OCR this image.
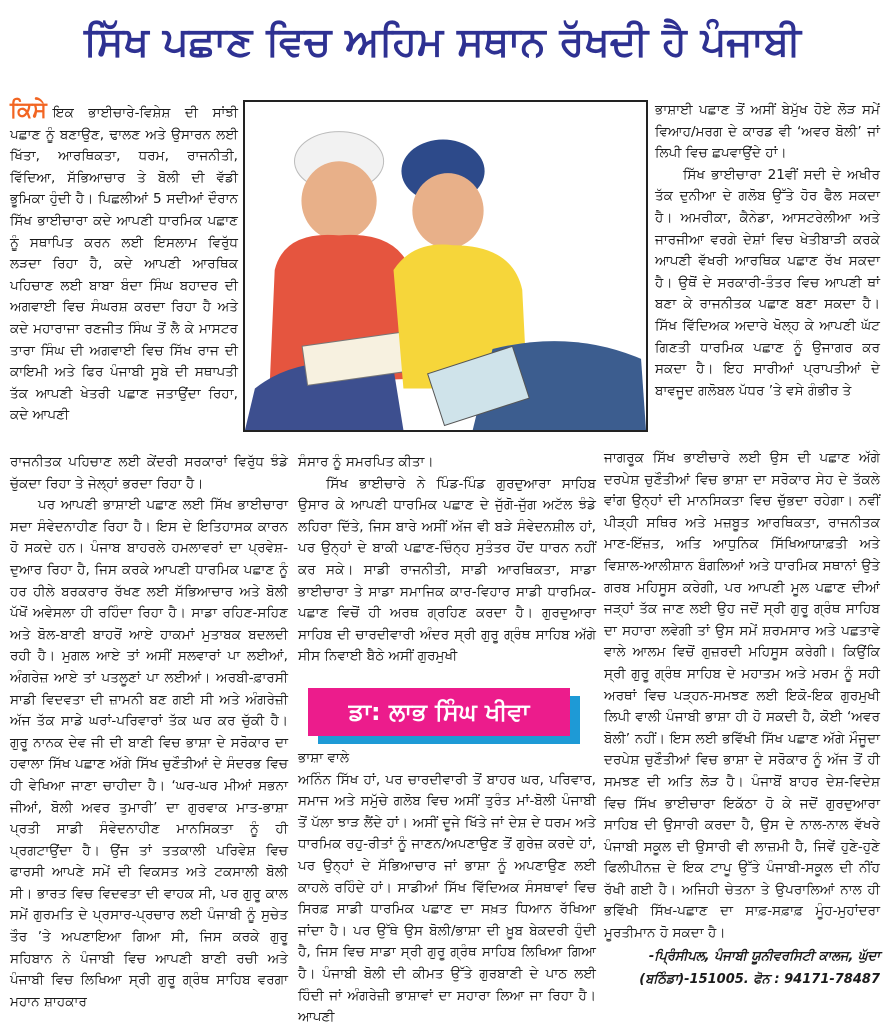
ਸਿੱਖ ਪਛਾਣ ਵਿਚ ਅਹਿਮ ਸਥਾਨ ਰੱਖਦੀ ਹੈ ਪੰਜਾਬੀ

ਕਿਸੇ ਇਕ ਭਾਈਚਾਰੇ-ਵਿਸ਼ੇਸ਼ ਦੀ ਸਾਂਝੀ ਪਛਾਣ ਨੂੰ ਬਣਾਉਣ, ਢਾਲਣ ਅਤੇ ਉਸਾਰਨ ਲਈ ਖਿੱਤਾ, ਆਰਥਿਕਤਾ, ਧਰਮ, ਰਾਜਨੀਤੀ, ਵਿੱਦਿਆ, ਸੱਭਿਆਚਾਰ ਤੇ ਬੋਲੀ ਦੀ ਵੱਡੀ ਭੂਮਿਕਾ ਹੁੰਦੀ ਹੈ। ਪਿਛਲੀਆਂ 5 ਸਦੀਆਂ ਦੌਰਾਨ ਸਿੱਖ ਭਾਈਚਾਰਾ ਕਦੇ ਆਪਣੀ ਧਾਰਮਿਕ ਪਛਾਣ ਨੂੰ ਸਥਾਪਿਤ ਕਰਨ ਲਈ ਇਸਲਾਮ ਵਿਰੁੱਧ ਲੜਦਾ ਰਿਹਾ ਹੈ, ਕਦੇ ਆਪਣੀ ਆਰਥਿਕ ਪਹਿਚਾਣ ਲਈ ਬਾਬਾ ਬੰਦਾ ਸਿੰਘ ਬਹਾਦਰ ਦੀ ਅਗਵਾਈ ਵਿਚ ਸੰਘਰਸ਼ ਕਰਦਾ ਰਿਹਾ ਹੈ ਅਤੇ ਕਦੇ ਮਹਾਰਾਜਾ ਰਣਜੀਤ ਸਿੰਘ ਤੋਂ ਲੈ ਕੇ ਮਾਸਟਰ ਤਾਰਾ ਸਿੰਘ ਦੀ ਅਗਵਾਈ ਵਿਚ ਸਿੱਖ ਰਾਜ ਦੀ ਕਾਇਮੀ ਅਤੇ ਫਿਰ ਪੰਜਾਬੀ ਸੂਬੇ ਦੀ ਸਥਾਪਤੀ ਤੱਕ ਆਪਣੀ ਖੇਤਰੀ ਪਛਾਣ ਜਤਾਉਂਦਾ ਰਿਹਾ, ਕਦੇ ਆਪਣੀ

ਰਾਜਨੀਤਕ ਪਹਿਚਾਣ ਲਈ ਕੇਂਦਰੀ ਸਰਕਾਰਾਂ ਵਿਰੁੱਧ ਝੰਡੇ ਚੁੱਕਦਾ ਰਿਹਾ ਤੇ ਜੇਲ੍ਹਾਂ ਭਰਦਾ ਰਿਹਾ ਹੈ।

ਪਰ ਆਪਣੀ ਭਾਸ਼ਾਈ ਪਛਾਣ ਲਈ ਸਿੱਖ ਭਾਈਚਾਰਾ ਸਦਾ ਸੰਵੇਦਨਾਹੀਣ ਰਿਹਾ ਹੈ। ਇਸ ਦੇ ਇਤਿਹਾਸਕ ਕਾਰਨ ਹੋ ਸਕਦੇ ਹਨ। ਪੰਜਾਬ ਬਾਹਰਲੇ ਹਮਲਾਵਰਾਂ ਦਾ ਪ੍ਰਵੇਸ਼-ਦੁਆਰ ਰਿਹਾ ਹੈ, ਜਿਸ ਕਰਕੇ ਆਪਣੀ ਧਾਰਮਿਕ ਪਛਾਣ ਨੂੰ ਹਰ ਹੀਲੇ ਬਰਕਰਾਰ ਰੱਖਣ ਲਈ ਸੱਭਿਆਚਾਰ ਅਤੇ ਬੋਲੀ ਪੱਖੋਂ ਅਵੇਸਲਾ ਹੀ ਰਹਿੰਦਾ ਰਿਹਾ ਹੈ। ਸਾਡਾ ਰਹਿਣ-ਸਹਿਣ ਅਤੇ ਬੋਲ-ਬਾਣੀ ਬਾਹਰੋਂ ਆਏ ਹਾਕਮਾਂ ਮੁਤਾਬਕ ਬਦਲਦੀ ਰਹੀ ਹੈ। ਮੁਗਲ ਆਏ ਤਾਂ ਅਸੀਂ ਸਲਵਾਰਾਂ ਪਾ ਲਈਆਂ, ਅੰਗਰੇਜ਼ ਆਏ ਤਾਂ ਪਤਲੂਣਾਂ ਪਾ ਲਈਆਂ। ਅਰਬੀ-ਫ਼ਾਰਸੀ ਸਾਡੀ ਵਿਦਵਤਾ ਦੀ ਜ਼ਾਮਨੀ ਬਣ ਗਈ ਸੀ ਅਤੇ ਅੰਗਰੇਜ਼ੀ ਅੱਜ ਤੱਕ ਸਾਡੇ ਘਰਾਂ-ਪਰਿਵਾਰਾਂ ਤੱਕ ਘਰ ਕਰ ਚੁੱਕੀ ਹੈ। ਗੁਰੂ ਨਾਨਕ ਦੇਵ ਜੀ ਦੀ ਬਾਣੀ ਵਿਚ ਭਾਸ਼ਾ ਦੇ ਸਰੋਕਾਰ ਦਾ ਹਵਾਲਾ ਸਿੱਖ ਪਛਾਣ ਅੱਗੇ ਸਿੱਖ ਚੁਣੌਤੀਆਂ ਦੇ ਸੰਦਰਭ ਵਿਚ ਹੀ ਵੇਖਿਆ ਜਾਣਾ ਚਾਹੀਦਾ ਹੈ। ‘ਘਰ-ਘਰ ਮੀਆਂ ਸਭਨਾ ਜੀਆਂ, ਬੋਲੀ ਅਵਰ ਤੁਮਾਰੀ’ ਦਾ ਗੁਰਵਾਕ ਮਾਤ-ਭਾਸ਼ਾ ਪ੍ਰਤੀ ਸਾਡੀ ਸੰਵੇਦਨਾਹੀਣ ਮਾਨਸਿਕਤਾ ਨੂੰ ਹੀ ਪ੍ਰਗਟਾਉਂਦਾ ਹੈ। ਉਂਜ ਤਾਂ ਤਤਕਾਲੀ ਪਰਿਵੇਸ਼ ਵਿਚ ਫਾਰਸੀ ਆਪਣੇ ਸਮੇਂ ਦੀ ਵਿਕਸਤ ਅਤੇ ਟਕਸਾਲੀ ਬੋਲੀ ਸੀ। ਭਾਰਤ ਵਿਚ ਵਿਦਵਤਾ ਦੀ ਵਾਹਕ ਸੀ, ਪਰ ਗੁਰੂ ਕਾਲ ਸਮੇਂ ਗੁਰਮਤਿ ਦੇ ਪ੍ਰਸਾਰ-ਪ੍ਰਚਾਰ ਲਈ ਪੰਜਾਬੀ ਨੂੰ ਸੁਚੇਤ ਤੌਰ ’ਤੇ ਅਪਣਾਇਆ ਗਿਆ ਸੀ, ਜਿਸ ਕਰਕੇ ਗੁਰੂ ਸਹਿਬਾਨ ਨੇ ਪੰਜਾਬੀ ਵਿਚ ਆਪਣੀ ਬਾਣੀ ਰਚੀ ਅਤੇ ਪੰਜਾਬੀ ਵਿਚ ਲਿਖਿਆ ਸ੍ਰੀ ਗੁਰੂ ਗ੍ਰੰਥ ਸਾਹਿਬ ਵਰਗਾ ਮਹਾਨ ਸ਼ਾਹਕਾਰ

ਸੰਸਾਰ ਨੂੰ ਸਮਰਪਿਤ ਕੀਤਾ।

ਸਿੱਖ ਭਾਈਚਾਰੇ ਨੇ ਪਿੰਡ-ਪਿੰਡ ਗੁਰਦੁਆਰਾ ਸਾਹਿਬ ਉਸਾਰ ਕੇ ਆਪਣੀ ਧਾਰਮਿਕ ਪਛਾਣ ਦੇ ਜੁੱਗੋ-ਜੁੱਗ ਅਟੱਲ ਝੰਡੇ ਲਹਿਰਾ ਦਿੱਤੇ, ਜਿਸ ਬਾਰੇ ਅਸੀਂ ਅੱਜ ਵੀ ਬੜੇ ਸੰਵੇਦਨਸ਼ੀਲ ਹਾਂ, ਪਰ ਉਨ੍ਹਾਂ ਦੇ ਬਾਕੀ ਪਛਾਣ-ਚਿੰਨ੍ਹ ਸੁਤੰਤਰ ਹੋਂਦ ਧਾਰਨ ਨਹੀਂ ਕਰ ਸਕੇ। ਸਾਡੀ ਰਾਜਨੀਤੀ, ਸਾਡੀ ਆਰਥਿਕਤਾ, ਸਾਡਾ ਭਾਈਚਾਰਾ ਤੇ ਸਾਡਾ ਸਮਾਜਿਕ ਕਾਰ-ਵਿਹਾਰ ਸਾਡੀ ਧਾਰਮਿਕ-ਪਛਾਣ ਵਿਚੋਂ ਹੀ ਅਰਥ ਗ੍ਰਹਿਣ ਕਰਦਾ ਹੈ। ਗੁਰਦੁਆਰਾ ਸਾਹਿਬ ਦੀ ਚਾਰਦੀਵਾਰੀ ਅੰਦਰ ਸ੍ਰੀ ਗੁਰੂ ਗ੍ਰੰਥ ਸਾਹਿਬ ਅੱਗੇ ਸੀਸ ਨਿਵਾਈ ਬੈਠੇ ਅਸੀਂ ਗੁਰਮੁਖੀ

ਡਾ: ਲਾਭ ਸਿੰਘ ਖੀਵਾ

ਭਾਸ਼ਾ ਵਾਲੇ

ਅਨਿੰਨ ਸਿੱਖ ਹਾਂ, ਪਰ ਚਾਰਦੀਵਾਰੀ ਤੋਂ ਬਾਹਰ ਘਰ, ਪਰਿਵਾਰ, ਸਮਾਜ ਅਤੇ ਸਮੁੱਚੇ ਗਲੋਬ ਵਿਚ ਅਸੀਂ ਤੁਰੰਤ ਮਾਂ-ਬੋਲੀ ਪੰਜਾਬੀ ਤੋਂ ਪੱਲਾ ਝਾੜ ਲੈਂਦੇ ਹਾਂ। ਅਸੀਂ ਦੂਜੇ ਖਿੱਤੇ ਜਾਂ ਦੇਸ਼ ਦੇ ਧਰਮ ਅਤੇ ਧਾਰਮਿਕ ਰਹੁ-ਰੀਤਾਂ ਨੂੰ ਜਾਣਨ/ਅਪਣਾਉਣ ਤੋਂ ਗੁਰੇਜ਼ ਕਰਦੇ ਹਾਂ, ਪਰ ਉਨ੍ਹਾਂ ਦੇ ਸੱਭਿਆਚਾਰ ਜਾਂ ਭਾਸ਼ਾ ਨੂੰ ਅਪਣਾਉਣ ਲਈ ਕਾਹਲੇ ਰਹਿੰਦੇ ਹਾਂ। ਸਾਡੀਆਂ ਸਿੱਖ ਵਿੱਦਿਅਕ ਸੰਸਥਾਵਾਂ ਵਿਚ ਸਿਰਫ਼ ਸਾਡੀ ਧਾਰਮਿਕ ਪਛਾਣ ਦਾ ਸਖ਼ਤ ਧਿਆਨ ਰੱਖਿਆ ਜਾਂਦਾ ਹੈ। ਪਰ ਉੱਥੇ ਉਸ ਬੋਲੀ/ਭਾਸ਼ਾ ਦੀ ਖ਼ੂਬ ਬੇਕਦਰੀ ਹੁੰਦੀ ਹੈ, ਜਿਸ ਵਿਚ ਸਾਡਾ ਸ੍ਰੀ ਗੁਰੂ ਗ੍ਰੰਥ ਸਾਹਿਬ ਲਿਖਿਆ ਗਿਆ ਹੈ। ਪੰਜਾਬੀ ਬੋਲੀ ਦੀ ਕੀਮਤ ਉੱਤੇ ਗੁਰਬਾਣੀ ਦੇ ਪਾਠ ਲਈ ਹਿੰਦੀ ਜਾਂ ਅੰਗਰੇਜ਼ੀ ਭਾਸ਼ਾਵਾਂ ਦਾ ਸਹਾਰਾ ਲਿਆ ਜਾ ਰਿਹਾ ਹੈ। ਆਪਣੀ

ਭਾਸ਼ਾਈ ਪਛਾਣ ਤੋਂ ਅਸੀਂ ਬੇਮੁੱਖ ਹੋਏ ਲੋੜ ਸਮੇਂ ਵਿਆਹ/ਮਰਗ ਦੇ ਕਾਰਡ ਵੀ ‘ਅਵਰ ਬੋਲੀ’ ਜਾਂ ਲਿਪੀ ਵਿਚ ਛਪਵਾਉਂਦੇ ਹਾਂ।

ਸਿੱਖ ਭਾਈਚਾਰਾ 21ਵੀਂ ਸਦੀ ਦੇ ਅਖੀਰ ਤੱਕ ਦੁਨੀਆ ਦੇ ਗਲੋਬ ਉੱਤੇ ਹੋਰ ਫੈਲ ਸਕਦਾ ਹੈ। ਅਮਰੀਕਾ, ਕੈਨੇਡਾ, ਆਸਟਰੇਲੀਆ ਅਤੇ ਜਾਰਜੀਆ ਵਰਗੇ ਦੇਸ਼ਾਂ ਵਿਚ ਖੇਤੀਬਾੜੀ ਕਰਕੇ ਆਪਣੀ ਵੱਖਰੀ ਆਰਥਿਕ ਪਛਾਣ ਰੱਖ ਸਕਦਾ ਹੈ। ਉਥੋਂ ਦੇ ਸਰਕਾਰੀ-ਤੰਤਰ ਵਿਚ ਆਪਣੀ ਥਾਂ ਬਣਾ ਕੇ ਰਾਜਨੀਤਕ ਪਛਾਣ ਬਣਾ ਸਕਦਾ ਹੈ। ਸਿੱਖ ਵਿੱਦਿਅਕ ਅਦਾਰੇ ਖੋਲ੍ਹ ਕੇ ਆਪਣੀ ਘੱਟ ਗਿਣਤੀ ਧਾਰਮਿਕ ਪਛਾਣ ਨੂੰ ਉਜਾਗਰ ਕਰ ਸਕਦਾ ਹੈ। ਇਹ ਸਾਰੀਆਂ ਪ੍ਰਾਪਤੀਆਂ ਦੇ ਬਾਵਜੂਦ ਗਲੋਬਲ ਪੱਧਰ ’ਤੇ ਵਸੇ ਗੰਭੀਰ ਤੇ

ਜਾਗਰੂਕ ਸਿੱਖ ਭਾਈਚਾਰੇ ਲਈ ਉਸ ਦੀ ਪਛਾਣ ਅੱਗੇ ਦਰਪੇਸ਼ ਚੁਣੌਤੀਆਂ ਵਿਚ ਭਾਸ਼ਾ ਦਾ ਸਰੋਕਾਰ ਸੇਹ ਦੇ ਤੱਕਲੇ ਵਾਂਗ ਉਨ੍ਹਾਂ ਦੀ ਮਾਨਸਿਕਤਾ ਵਿਚ ਚੁੱਭਦਾ ਰਹੇਗਾ। ਨਵੀਂ ਪੀੜ੍ਹੀ ਸਥਿਰ ਅਤੇ ਮਜ਼ਬੂਤ ਆਰਥਿਕਤਾ, ਰਾਜਨੀਤਕ ਮਾਣ-ਇੱਜ਼ਤ, ਅਤਿ ਆਧੁਨਿਕ ਸਿੱਖਿਆਯਾਫ਼ਤੀ ਅਤੇ ਵਿਸ਼ਾਲ-ਆਲੀਸ਼ਾਨ ਬੰਗਲਿਆਂ ਅਤੇ ਧਾਰਮਿਕ ਸਥਾਨਾਂ ਉਤੇ ਗਰਬ ਮਹਿਸੂਸ ਕਰੇਗੀ, ਪਰ ਆਪਣੀ ਮੂਲ ਪਛਾਣ ਦੀਆਂ ਜੜ੍ਹਾਂ ਤੱਕ ਜਾਣ ਲਈ ਉਹ ਜਦੋਂ ਸ੍ਰੀ ਗੁਰੂ ਗ੍ਰੰਥ ਸਾਹਿਬ ਦਾ ਸਹਾਰਾ ਲਵੇਗੀ ਤਾਂ ਉਸ ਸਮੇਂ ਸ਼ਰਮਸਾਰ ਅਤੇ ਪਛਤਾਵੇ ਵਾਲੇ ਆਲਮ ਵਿਚੋਂ ਗੁਜ਼ਰਦੀ ਮਹਿਸੂਸ ਕਰੇਗੀ। ਕਿਉਂਕਿ ਸ੍ਰੀ ਗੁਰੂ ਗ੍ਰੰਥ ਸਾਹਿਬ ਦੇ ਮਹਾਤਮ ਅਤੇ ਮਰਮ ਨੂੰ ਸਹੀ ਅਰਥਾਂ ਵਿਚ ਪੜ੍ਹਨ-ਸਮਝਣ ਲਈ ਇਕੋ-ਇਕ ਗੁਰਮੁਖੀ ਲਿਪੀ ਵਾਲੀ ਪੰਜਾਬੀ ਭਾਸ਼ਾ ਹੀ ਹੋ ਸਕਦੀ ਹੈ, ਕੋਈ ‘ਅਵਰ ਬੋਲੀ’ ਨਹੀਂ। ਇਸ ਲਈ ਭਵਿੱਖੀ ਸਿੱਖ ਪਛਾਣ ਅੱਗੇ ਮੌਜੂਦਾ ਦਰਪੇਸ਼ ਚੁਣੌਤੀਆਂ ਵਿਚ ਭਾਸ਼ਾ ਦੇ ਸਰੋਕਾਰ ਨੂੰ ਅੱਜ ਤੋਂ ਹੀ ਸਮਝਣ ਦੀ ਅਤਿ ਲੋੜ ਹੈ। ਪੰਜਾਬੋਂ ਬਾਹਰ ਦੇਸ਼-ਵਿਦੇਸ਼ ਵਿਚ ਸਿੱਖ ਭਾਈਚਾਰਾ ਇਕੱਠਾ ਹੋ ਕੇ ਜਦੋਂ ਗੁਰਦੁਆਰਾ ਸਾਹਿਬ ਦੀ ਉਸਾਰੀ ਕਰਦਾ ਹੈ, ਉਸ ਦੇ ਨਾਲ-ਨਾਲ ਵੱਖਰੇ ਪੰਜਾਬੀ ਸਕੂਲ ਦੀ ਉਸਾਰੀ ਵੀ ਲਾਜ਼ਮੀ ਹੈ, ਜਿਵੇਂ ਹੁਣੇ-ਹੁਣੇ ਫਿਲੀਪੀਨਜ਼ ਦੇ ਇਕ ਟਾਪੂ ਉੱਤੇ ਪੰਜਾਬੀ-ਸਕੂਲ ਦੀ ਨੀਂਹ ਰੱਖੀ ਗਈ ਹੈ। ਅਜਿਹੀ ਚੇਤਨਾ ਤੇ ਉਪਰਾਲਿਆਂ ਨਾਲ ਹੀ ਭਵਿੱਖੀ ਸਿੱਖ-ਪਛਾਣ ਦਾ ਸਾਫ਼-ਸਫ਼ਾਫ਼ ਮੂੰਹ-ਮੁਹਾਂਦਰਾ ਮੂਰਤੀਮਾਨ ਹੋ ਸਕਦਾ ਹੈ।

-ਪ੍ਰਿੰਸੀਪਲ, ਪੰਜਾਬੀ ਯੂਨੀਵਰਸਿਟੀ ਕਾਲਜ, ਘੁੱਦਾ
(ਬਠਿੰਡਾ)-151005. ਫੋਨ : 94171-78487
